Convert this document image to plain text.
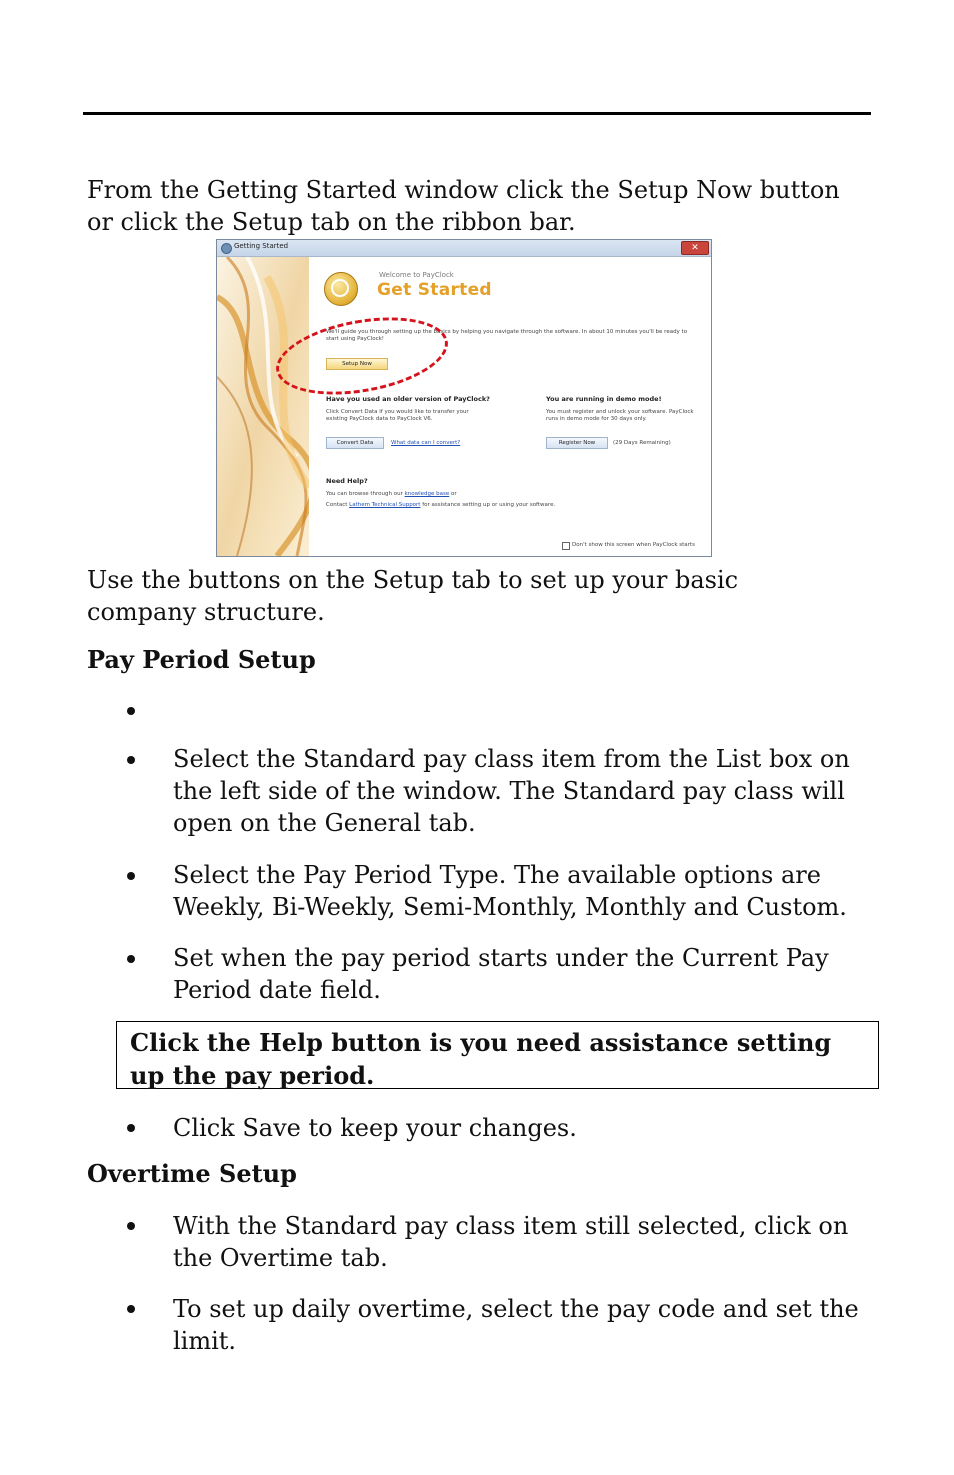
From the Getting Started window click the Setup Now button or click the Setup tab on the ribbon bar.
Getting Started	✕
Welcome to PayClock
Get Started
We'll guide you through setting up the basics by helping you navigate through the software. In about 10 minutes you'll be ready to start using PayClock!
Setup Now
Have you used an older version of PayClock?
Click Convert Data if you would like to transfer your existing PayClock data to PayClock V6.
Convert Data	What data can I convert?
You are running in demo mode!
You must register and unlock your software. PayClock runs in demo mode for 30 days only.
Register Now	(29 Days Remaining)
Need Help?
You can browse through our knowledge base or
Contact Lathem Technical Support for assistance setting up or using your software.
Don't show this screen when PayClock starts
Use the buttons on the Setup tab to set up your basic company structure.
Pay Period Setup
Select the Standard pay class item from the List box on the left side of the window. The Standard pay class will open on the General tab.
Select the Pay Period Type. The available options are Weekly, Bi-Weekly, Semi-Monthly, Monthly and Custom.
Set when the pay period starts under the Current Pay Period date field.
Click the Help button is you need assistance setting up the pay period.
Click Save to keep your changes.
Overtime Setup
With the Standard pay class item still selected, click on the Overtime tab.
To set up daily overtime, select the pay code and set the limit.
